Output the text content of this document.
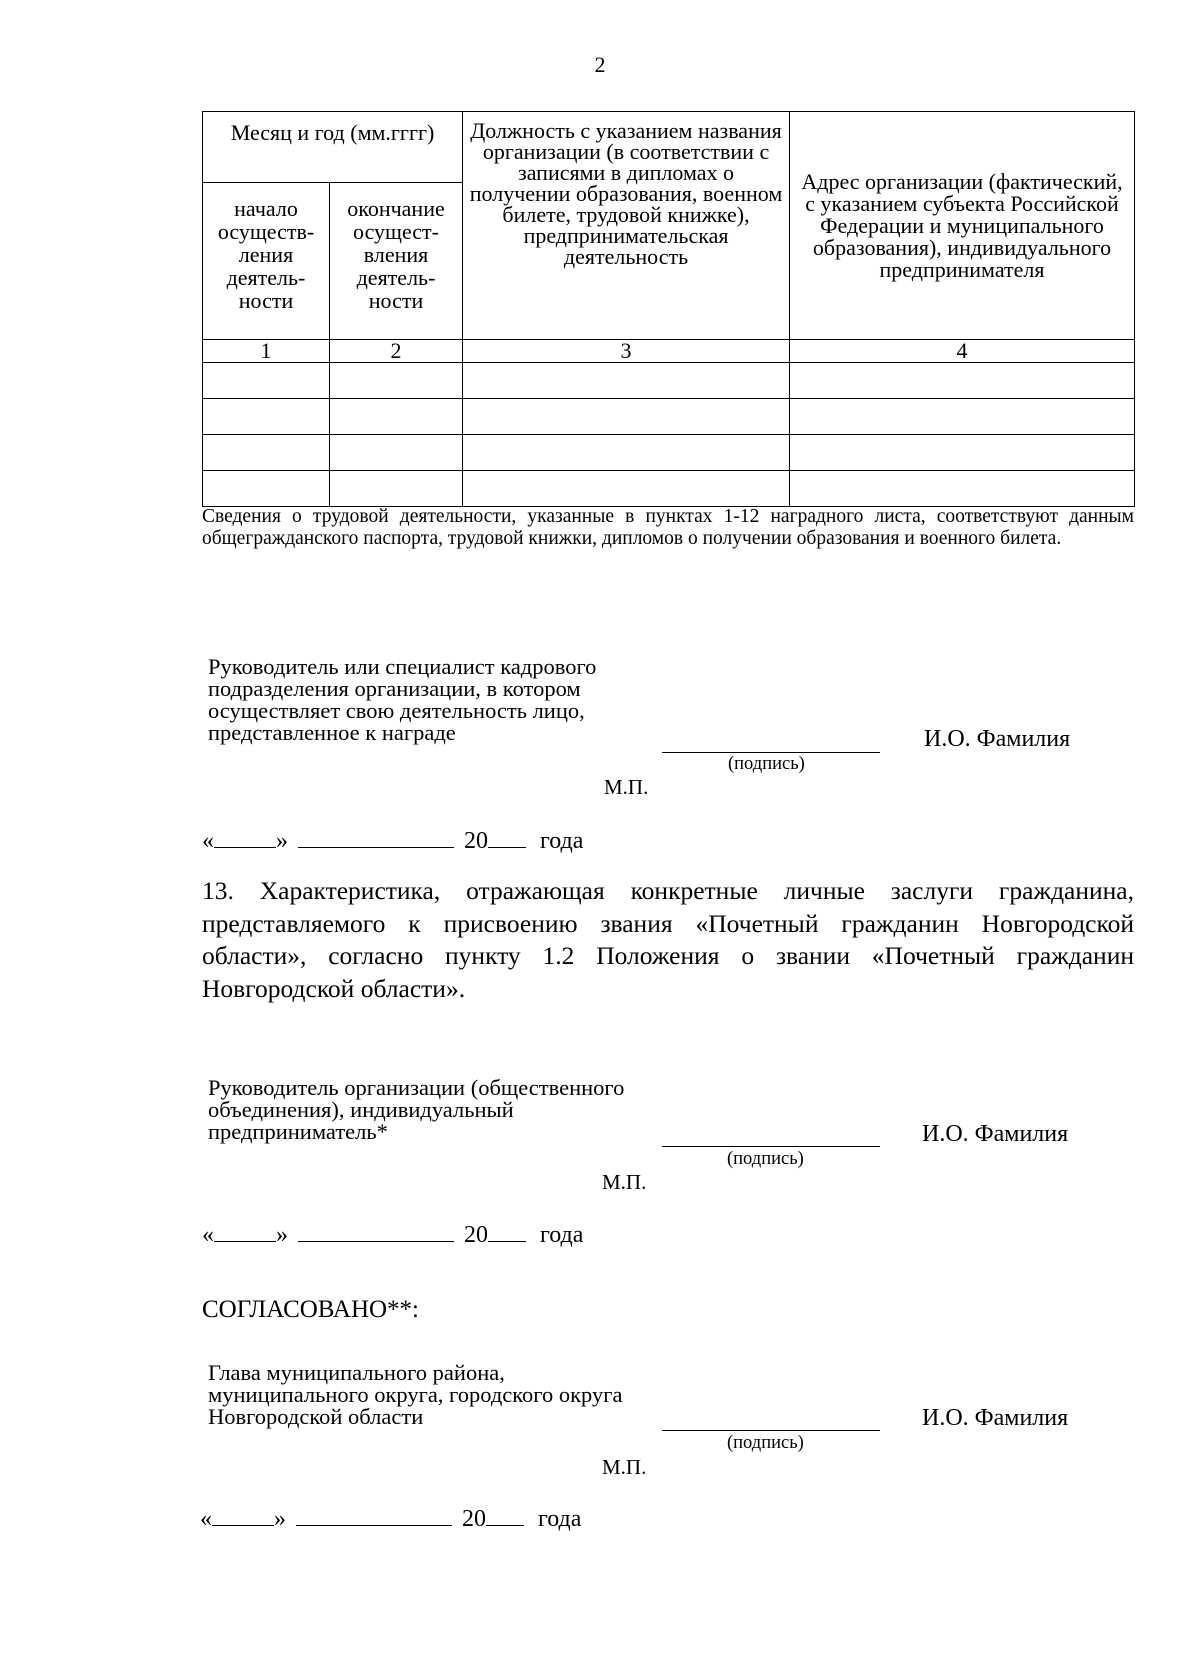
2
Месяц и год (мм.гггг)		Должность с указанием названия организации (в соответствии с записями в дипломах о получении образования, военном билете, трудовой книжке), предпринимательская деятельность	Адрес организации (фактический, с указанием субъекта Российской Федерации и муниципального образования), индивидуального предпринимателя
начало осуществ-ления деятель-ности	окончание осущест-вления деятель-ности		
1	2	3	4

Сведения о трудовой деятельности, указанные в пунктах 1-12 наградного листа, соответствуют данным общегражданского паспорта, трудовой книжки, дипломов о получении образования и военного билета.
Руководитель или специалист кадрового подразделения организации, в котором осуществляет свою деятельность лицо, представленное к награде
(подпись)
И.О. Фамилия
М.П.
«	»	20 года
13. Характеристика, отражающая конкретные личные заслуги гражданина, представляемого к присвоению звания «Почетный гражданин Новгородской области», согласно пункту 1.2 Положения о звании «Почетный гражданин Новгородской области».
Руководитель организации (общественного объединения), индивидуальный предприниматель*
(подпись)
И.О. Фамилия
М.П.
«	»	20 года
СОГЛАСОВАНО**:
Глава муниципального района, муниципального округа, городского округа Новгородской области
(подпись)
И.О. Фамилия
М.П.
«	»	20 года
